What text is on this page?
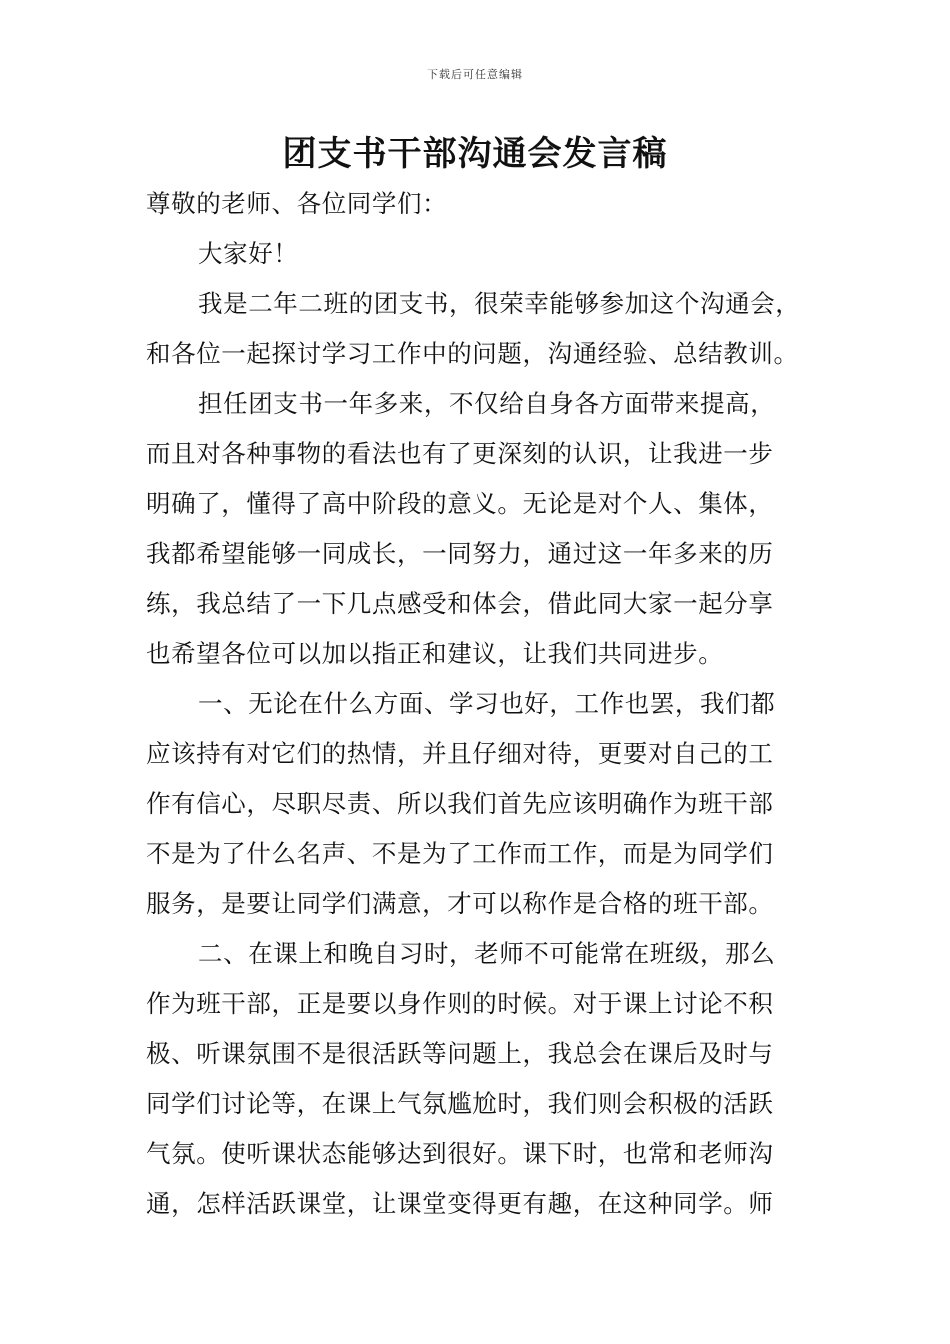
下载后可任意编辑
团支书干部沟通会发言稿
尊敬的老师、各位同学们：
大家好！
我是二年二班的团支书，很荣幸能够参加这个沟通会，
和各位一起探讨学习工作中的问题，沟通经验、总结教训。
担任团支书一年多来，不仅给自身各方面带来提高，
而且对各种事物的看法也有了更深刻的认识，让我进一步
明确了，懂得了高中阶段的意义。无论是对个人、集体，
我都希望能够一同成长，一同努力，通过这一年多来的历
练，我总结了一下几点感受和体会，借此同大家一起分享
也希望各位可以加以指正和建议，让我们共同进步。
一、无论在什么方面、学习也好，工作也罢，我们都
应该持有对它们的热情，并且仔细对待，更要对自己的工
作有信心，尽职尽责、所以我们首先应该明确作为班干部
不是为了什么名声、不是为了工作而工作，而是为同学们
服务，是要让同学们满意，才可以称作是合格的班干部。
二、在课上和晚自习时，老师不可能常在班级，那么
作为班干部，正是要以身作则的时候。对于课上讨论不积
极、听课氛围不是很活跃等问题上，我总会在课后及时与
同学们讨论等，在课上气氛尴尬时，我们则会积极的活跃
气氛。使听课状态能够达到很好。课下时，也常和老师沟
通，怎样活跃课堂，让课堂变得更有趣，在这种同学。师
